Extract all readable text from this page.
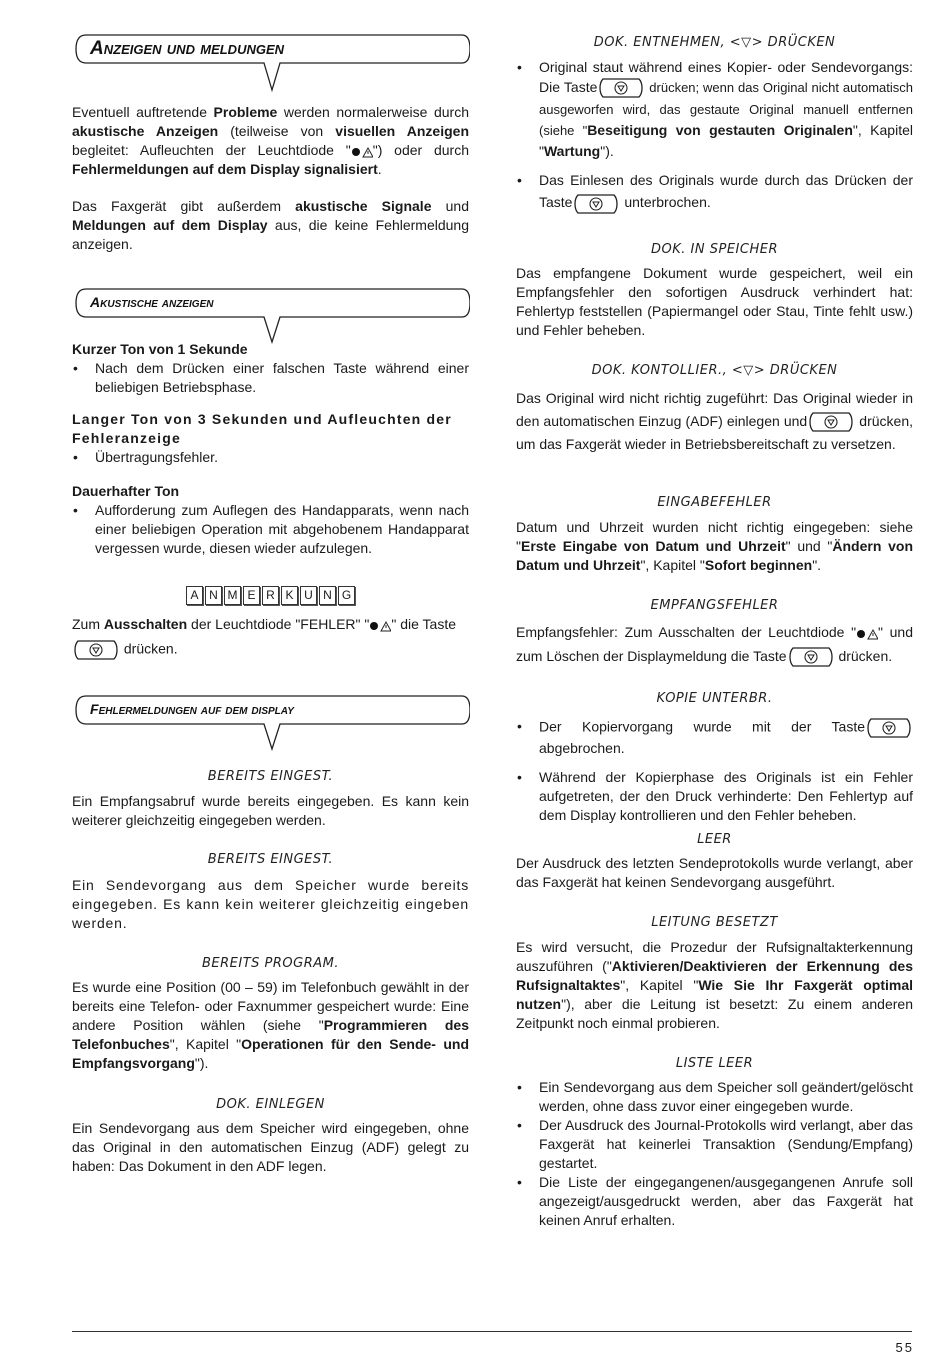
Anzeigen und meldungen

Eventuell auftretende Probleme werden normalerweise durch akustische Anzeigen (teilweise von visuellen Anzeigen begleitet: Aufleuchten der Leuchtdiode " ") oder durch Fehlermeldungen auf dem Display signalisiert.

Das Faxgerät gibt außerdem akustische Signale und Meldungen auf dem Display aus, die keine Fehlermeldung anzeigen.

Akustische anzeigen
Kurzer Ton von 1 Sekunde
• Nach dem Drücken einer falschen Taste während einer beliebigen Betriebsphase.
Langer Ton von 3 Sekunden und Aufleuchten der Fehleranzeige
• Übertragungsfehler.
Dauerhafter Ton
• Aufforderung zum Auflegen des Handapparats, wenn nach einer beliebigen Operation mit abgehobenem Handapparat vergessen wurde, diesen wieder aufzulegen.
A N M E R K U N G

Zum Ausschalten der Leuchtdiode "FEHLER" " " die Taste

drücken.

Fehlermeldungen auf dem display
BEREITS EINGEST.

Ein Empfangsabruf wurde bereits eingegeben. Es kann kein weiterer gleichzeitig eingegeben werden.

BEREITS EINGEST.

Ein Sendevorgang aus dem Speicher wurde bereits eingegeben. Es kann kein weiterer gleichzeitig eingeben werden.

BEREITS PROGRAM.

Es wurde eine Position (00 – 59) im Telefonbuch gewählt in der bereits eine Telefon- oder Faxnummer gespeichert wurde: Eine andere Position wählen (siehe "Programmieren des Telefonbuches", Kapitel "Operationen für den Sende- und Empfangsvorgang").

DOK. EINLEGEN

Ein Sendevorgang aus dem Speicher wird eingegeben, ohne das Original in den automatischen Einzug (ADF) gelegt zu haben: Das Dokument in den ADF legen.

DOK. ENTNEHMEN, <▽> DRÜCKEN
• Original staut während eines Kopier- oder Sendevorgangs: Die Taste	drücken; wenn das Original nicht automatisch ausgeworfen wird, das gestaute Original manuell entfernen (siehe "Beseitigung von gestauten Originalen", Kapitel "Wartung").
• Das Einlesen des Originals wurde durch das Drücken der Taste	unterbrochen.
DOK. IN SPEICHER

Das empfangene Dokument wurde gespeichert, weil ein Empfangsfehler den sofortigen Ausdruck verhindert hat: Fehlertyp feststellen (Papiermangel oder Stau, Tinte fehlt usw.) und Fehler beheben.

DOK. KONTOLLIER., <▽> DRÜCKEN

Das Original wird nicht richtig zugeführt: Das Original wieder in den automatischen Einzug (ADF) einlegen und	drücken, um das Faxgerät wieder in Betriebsbereitschaft zu versetzen.

EINGABEFEHLER

Datum und Uhrzeit wurden nicht richtig eingegeben: siehe "Erste Eingabe von Datum und Uhrzeit" und "Ändern von Datum und Uhrzeit", Kapitel "Sofort beginnen".

EMPFANGSFEHLER

Empfangsfehler: Zum Ausschalten der Leuchtdiode " " und zum Löschen der Displaymeldung die Taste	drücken.

KOPIE UNTERBR.
• Der Kopiervorgang wurde mit der Taste abgebrochen.
• Während der Kopierphase des Originals ist ein Fehler aufgetreten, der den Druck verhinderte: Den Fehlertyp auf dem Display kontrollieren und den Fehler beheben.
LEER

Der Ausdruck des letzten Sendeprotokolls wurde verlangt, aber das Faxgerät hat keinen Sendevorgang ausgeführt.

LEITUNG BESETZT

Es wird versucht, die Prozedur der Rufsignaltakterkennung auszuführen ("Aktivieren/Deaktivieren der Erkennung des Rufsignaltaktes", Kapitel "Wie Sie Ihr Faxgerät optimal nutzen"), aber die Leitung ist besetzt: Zu einem anderen Zeitpunkt noch einmal probieren.

LISTE LEER
• Ein Sendevorgang aus dem Speicher soll geändert/gelöscht werden, ohne dass zuvor einer eingegeben wurde.
• Der Ausdruck des Journal-Protokolls wird verlangt, aber das Faxgerät hat keinerlei Transaktion (Sendung/Empfang) gestartet.
• Die Liste der eingegangenen/ausgegangenen Anrufe soll angezeigt/ausgedruckt werden, aber das Faxgerät hat keinen Anruf erhalten.
55
